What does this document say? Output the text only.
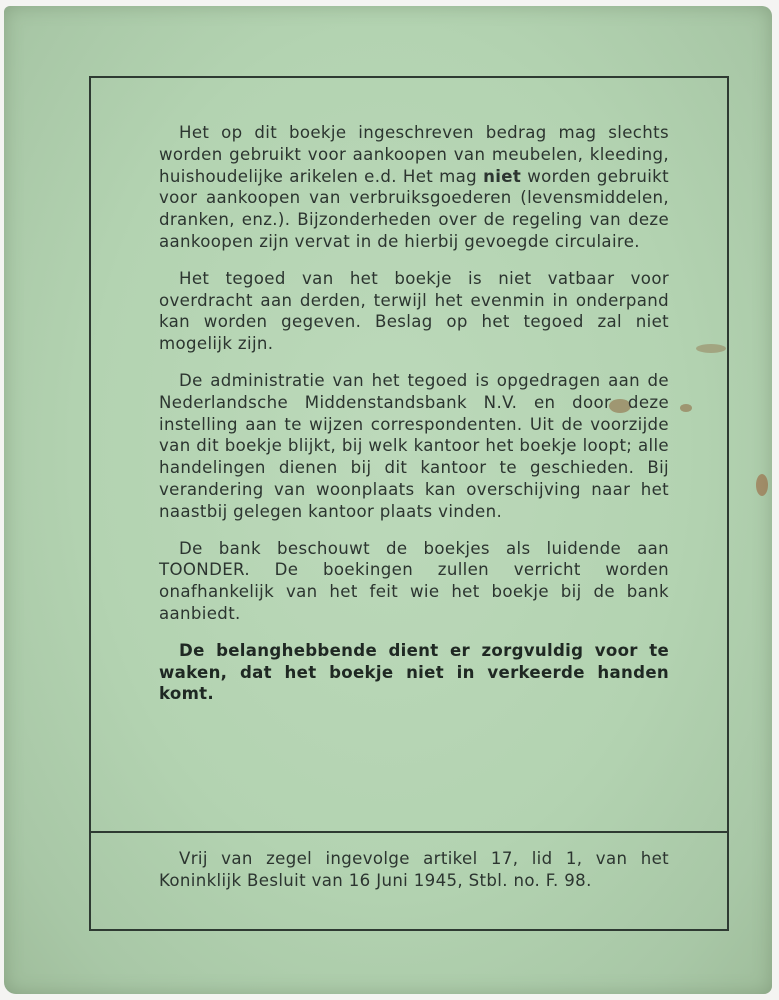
Het op dit boekje ingeschreven bedrag mag slechts worden gebruikt voor aankoopen van meubelen, kleeding, huishoudelijke arikelen e.d. Het mag niet worden gebruikt voor aankoopen van verbruiksgoederen (levensmiddelen, dranken, enz.). Bijzonderheden over de regeling van deze aankoopen zijn vervat in de hierbij gevoegde circulaire.

Het tegoed van het boekje is niet vatbaar voor overdracht aan derden, terwijl het evenmin in onderpand kan worden gegeven. Beslag op het tegoed zal niet mogelijk zijn.

De administratie van het tegoed is opgedragen aan de Nederlandsche Middenstandsbank N.V. en door deze instelling aan te wijzen correspondenten. Uit de voorzijde van dit boekje blijkt, bij welk kantoor het boekje loopt; alle handelingen dienen bij dit kantoor te geschieden. Bij verandering van woonplaats kan overschijving naar het naastbij gelegen kantoor plaats vinden.

De bank beschouwt de boekjes als luidende aan TOONDER. De boekingen zullen verricht worden onafhankelijk van het feit wie het boekje bij de bank aanbiedt.

De belanghebbende dient er zorgvuldig voor te waken, dat het boekje niet in verkeerde handen komt.

Vrij van zegel ingevolge artikel 17, lid 1, van het Koninklijk Besluit van 16 Juni 1945, Stbl. no. F. 98.
